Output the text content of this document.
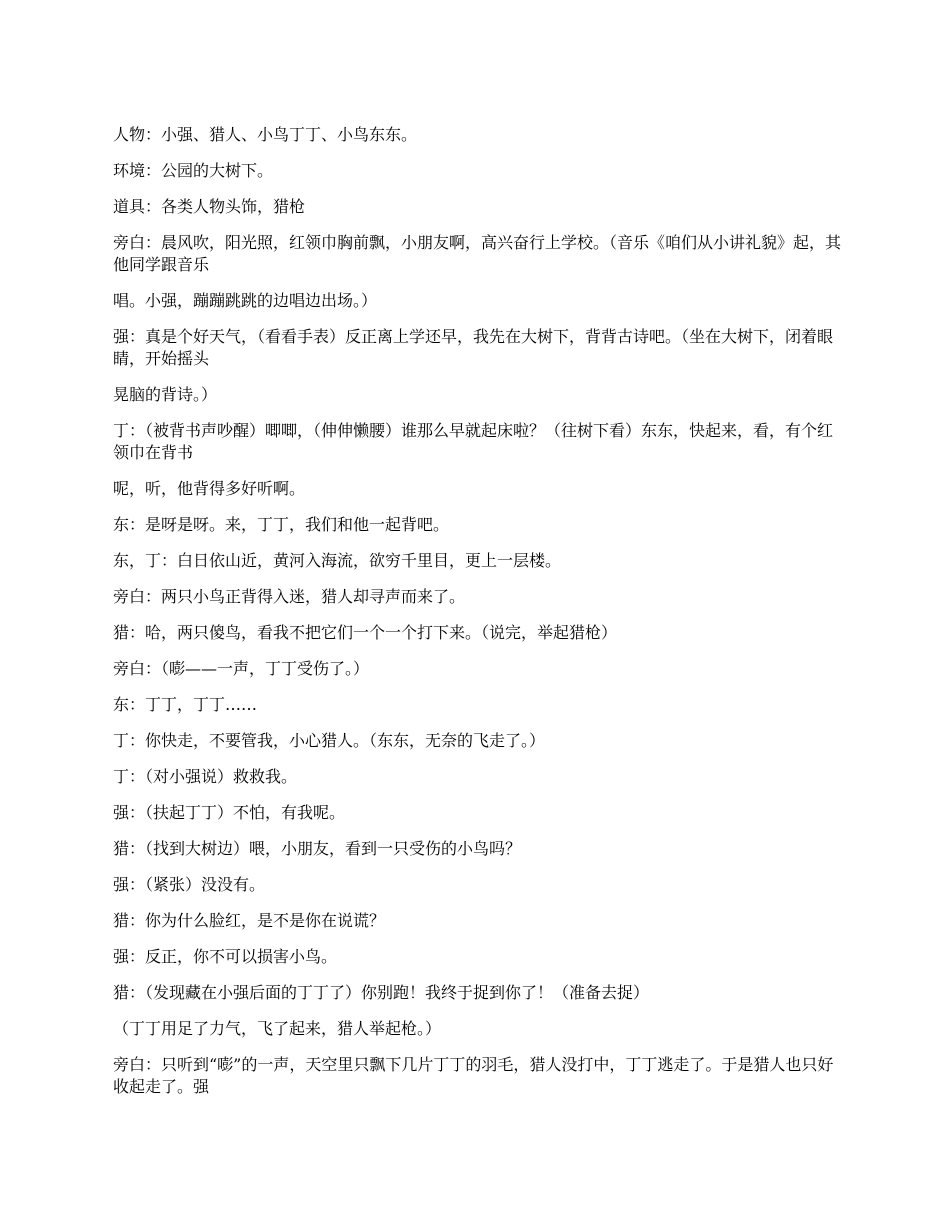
人物：小强、猎人、小鸟丁丁、小鸟东东。

环境：公园的大树下。

道具：各类人物头饰，猎枪

旁白：晨风吹，阳光照，红领巾胸前飘，小朋友啊，高兴奋行上学校。（音乐《咱们从小讲礼貌》起，其他同学跟音乐

唱。小强，蹦蹦跳跳的边唱边出场。）

强：真是个好天气，（看看手表）反正离上学还早，我先在大树下，背背古诗吧。（坐在大树下，闭着眼睛，开始摇头

晃脑的背诗。）

丁：（被背书声吵醒）唧唧，（伸伸懒腰）谁那么早就起床啦？（往树下看）东东，快起来，看，有个红领巾在背书

呢，听，他背得多好听啊。

东：是呀是呀。来，丁丁，我们和他一起背吧。

东，丁：白日依山近，黄河入海流，欲穷千里目，更上一层楼。

旁白：两只小鸟正背得入迷，猎人却寻声而来了。

猎：哈，两只傻鸟，看我不把它们一个一个打下来。（说完，举起猎枪）

旁白：（嘭——一声，丁丁受伤了。）

东：丁丁，丁丁……

丁：你快走，不要管我，小心猎人。（东东，无奈的飞走了。）

丁：（对小强说）救救我。

强：（扶起丁丁）不怕，有我呢。

猎：（找到大树边）喂，小朋友，看到一只受伤的小鸟吗？

强：（紧张）没没有。

猎：你为什么脸红，是不是你在说谎？

强：反正，你不可以损害小鸟。

猎：（发现藏在小强后面的丁丁了）你别跑！我终于捉到你了！（准备去捉）

（丁丁用足了力气，飞了起来，猎人举起枪。）

旁白：只听到“嘭”的一声，天空里只飘下几片丁丁的羽毛，猎人没打中，丁丁逃走了。于是猎人也只好收起走了。强
